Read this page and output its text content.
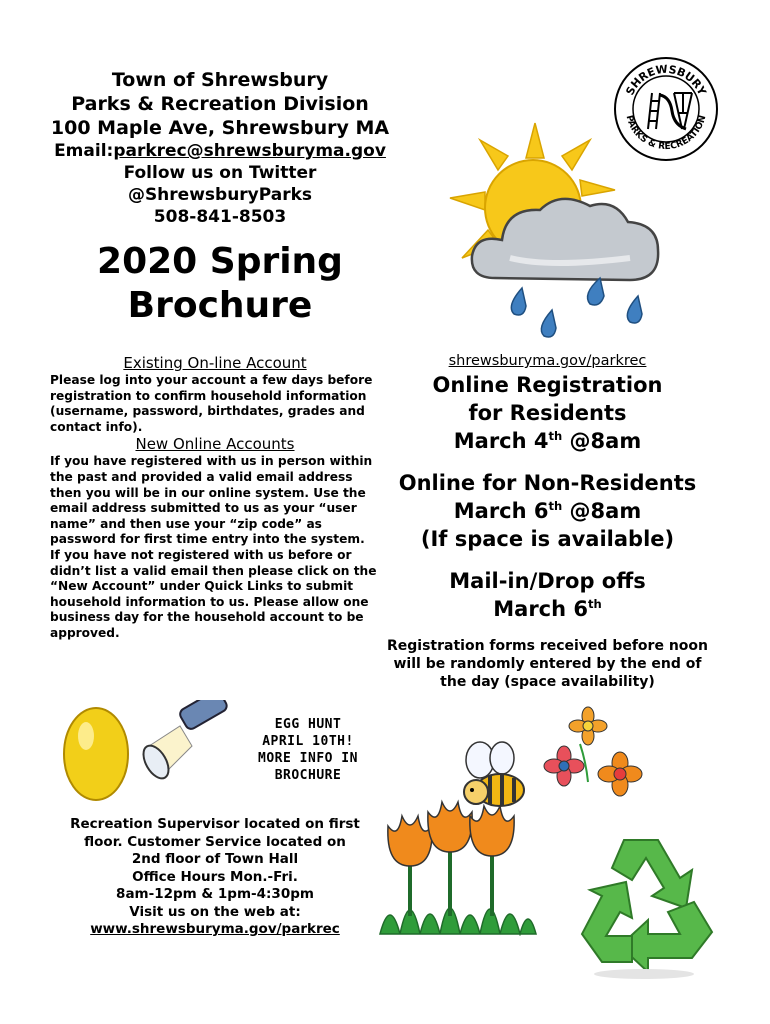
Town of Shrewsbury
Parks & Recreation Division
100 Maple Ave, Shrewsbury MA
Email:parkrec@shrewsburyma.gov
Follow us on Twitter
@ShrewsburyParks
508-841-8503
2020 Spring
Brochure
SHREWSBURY
PARKS & RECREATION
Existing On-line Account

Please log into your account a few days before registration to confirm household information (username, password, birthdates, grades and contact info).

New Online Accounts

If you have registered with us in person within the past and provided a valid email address then you will be in our online system. Use the email address submitted to us as your “user name” and then use your “zip code” as password for first time entry into the system.

If you have not registered with us before or didn’t list a valid email then please click on the “New Account” under Quick Links to submit household information to us. Please allow one business day for the household account to be approved.

shrewsburyma.gov/parkrec
Online Registration
for Residents
March 4th @8am
Online for Non-Residents
March 6th @8am
(If space is available)
Mail-in/Drop offs
March 6th
Registration forms received before noon will be randomly entered by the end of the day (space availability)
EGG HUNT
APRIL 10TH!
MORE INFO IN
BROCHURE
Recreation Supervisor located on first
floor. Customer Service located on
2nd floor of Town Hall
Office Hours Mon.-Fri.
8am-12pm & 1pm-4:30pm
Visit us on the web at:
www.shrewsburyma.gov/parkrec
